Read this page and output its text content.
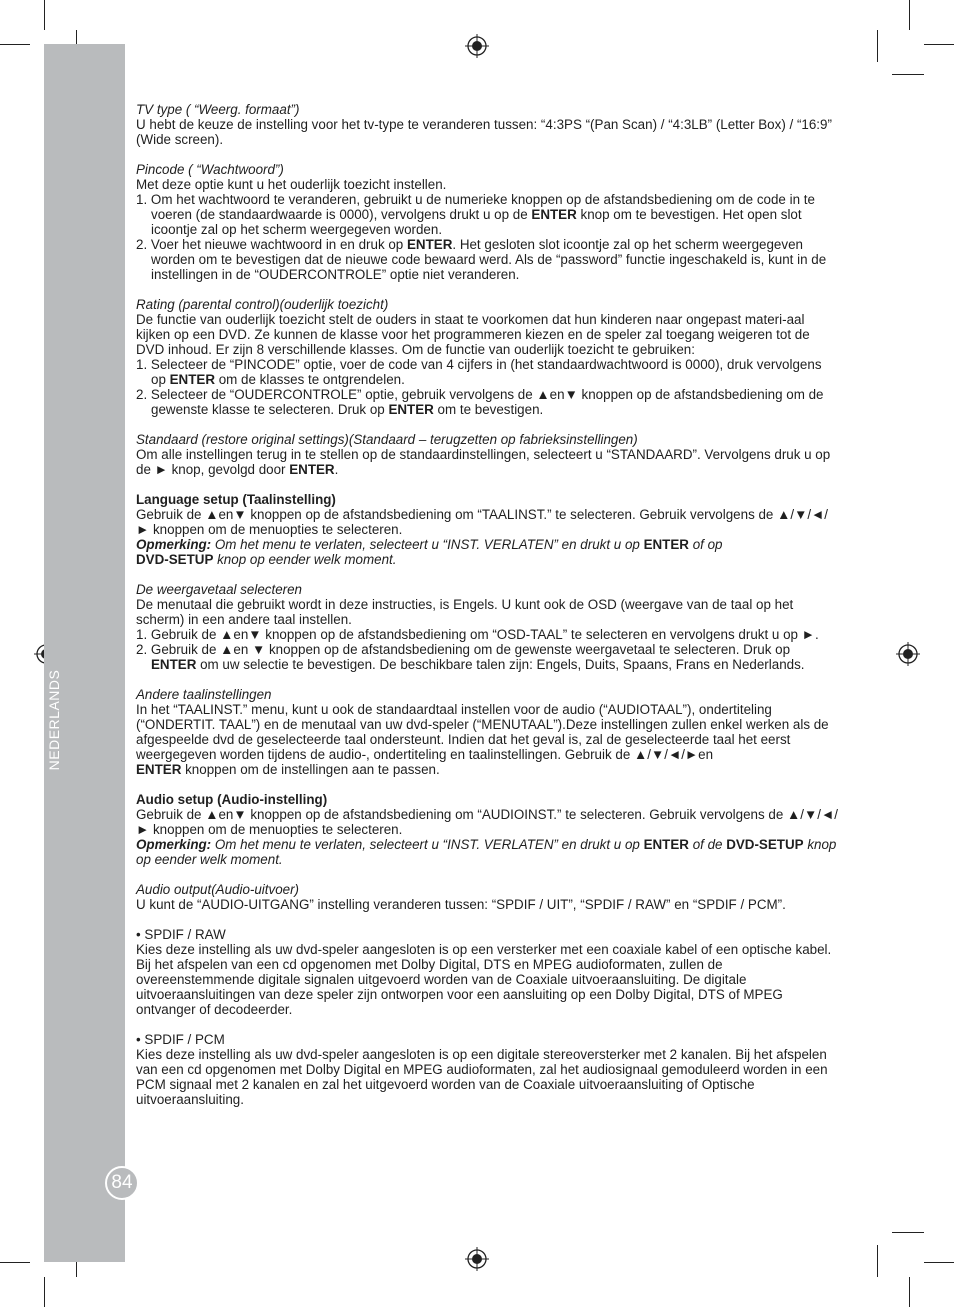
NEDERLANDS
84

TV type ( “Weerg. formaat”)

U hebt de keuze de instelling voor het tv-type te veranderen tussen: “4:3PS “(Pan Scan) / “4:3LB” (Letter Box) / “16:9” (Wide screen).

Pincode ( “Wachtwoord”)

Met deze optie kunt u het ouderlijk toezicht instellen.

1. Om het wachtwoord te veranderen, gebruikt u de numerieke knoppen op de afstandsbediening om de code in te voeren (de standaardwaarde is 0000), vervolgens drukt u op de ENTER knop om te bevestigen. Het open slot icoontje zal op het scherm weergegeven worden.
2. Voer het nieuwe wachtwoord in en druk op ENTER. Het gesloten slot icoontje zal op het scherm weergegeven worden om te bevestigen dat de nieuwe code bewaard werd. Als de “password” functie ingeschakeld is, kunt in de instellingen in de “OUDERCONTROLE” optie niet veranderen.

Rating (parental control)(ouderlijk toezicht)

De functie van ouderlijk toezicht stelt de ouders in staat te voorkomen dat hun kinderen naar ongepast materi-aal kijken op een DVD. Ze kunnen de klasse voor het programmeren kiezen en de speler zal toegang weigeren tot de DVD inhoud. Er zijn 8 verschillende klasses. Om de functie van ouderlijk toezicht te gebruiken:

1. Selecteer de “PINCODE” optie, voer de code van 4 cijfers in (het standaardwachtwoord is 0000), druk vervolgens op ENTER om de klasses te ontgrendelen.
2. Selecteer de “OUDERCONTROLE” optie, gebruik vervolgens de ▲en▼ knoppen op de afstandsbediening om de gewenste klasse te selecteren. Druk op ENTER om te bevestigen.

Standaard (restore original settings)(Standaard – terugzetten op fabrieksinstellingen)

Om alle instellingen terug in te stellen op de standaardinstellingen, selecteert u “STANDAARD”. Vervolgens druk u op de ► knop, gevolgd door ENTER.

Language setup (Taalinstelling)

Gebruik de ▲en▼ knoppen op de afstandsbediening om “TAALINST.” te selecteren. Gebruik vervolgens de ▲/▼/◄/► knoppen om de menuopties te selecteren.

Opmerking: Om het menu te verlaten, selecteert u “INST. VERLATEN” en drukt u op ENTER of op
DVD-SETUP knop op eender welk moment.

De weergavetaal selecteren

De menutaal die gebruikt wordt in deze instructies, is Engels. U kunt ook de OSD (weergave van de taal op het scherm) in een andere taal instellen.

1. Gebruik de ▲en▼ knoppen op de afstandsbediening om “OSD-TAAL” te selecteren en vervolgens drukt u op ►.
2. Gebruik de ▲en ▼ knoppen op de afstandsbediening om de gewenste weergavetaal te selecteren. Druk op
ENTER om uw selectie te bevestigen. De beschikbare talen zijn: Engels, Duits, Spaans, Frans en Nederlands.

Andere taalinstellingen

In het “TAALINST.” menu, kunt u ook de standaardtaal instellen voor de audio (“AUDIOTAAL”), ondertiteling (“ONDERTIT. TAAL”) en de menutaal van uw dvd-speler (“MENUTAAL”).Deze instellingen zullen enkel werken als de afgespeelde dvd de geselecteerde taal ondersteunt. Indien dat het geval is, zal de geselecteerde taal het eerst weergegeven worden tijdens de audio-, ondertiteling en taalinstellingen. Gebruik de ▲/▼/◄/►en
ENTER knoppen om de instellingen aan te passen.

Audio setup (Audio-instelling)

Gebruik de ▲en▼ knoppen op de afstandsbediening om “AUDIOINST.” te selecteren. Gebruik vervolgens de ▲/▼/◄/► knoppen om de menuopties te selecteren.

Opmerking: Om het menu te verlaten, selecteert u “INST. VERLATEN” en drukt u op ENTER of de DVD-SETUP knop op eender welk moment.

Audio output(Audio-uitvoer)

U kunt de “AUDIO-UITGANG” instelling veranderen tussen: “SPDIF / UIT”, “SPDIF / RAW” en “SPDIF / PCM”.

• SPDIF / RAW

Kies deze instelling als uw dvd-speler aangesloten is op een versterker met een coaxiale kabel of een optische kabel. Bij het afspelen van een cd opgenomen met Dolby Digital, DTS en MPEG audioformaten, zullen de overeenstemmende digitale signalen uitgevoerd worden van de Coaxiale uitvoeraansluiting. De digitale uitvoeraansluitingen van deze speler zijn ontworpen voor een aansluiting op een Dolby Digital, DTS of MPEG ontvanger of decodeerder.

• SPDIF / PCM

Kies deze instelling als uw dvd-speler aangesloten is op een digitale stereoversterker met 2 kanalen. Bij het afspelen van een cd opgenomen met Dolby Digital en MPEG audioformaten, zal het audiosignaal gemoduleerd worden in een PCM signaal met 2 kanalen en zal het uitgevoerd worden van de Coaxiale uitvoeraansluiting of Optische uitvoeraansluiting.
